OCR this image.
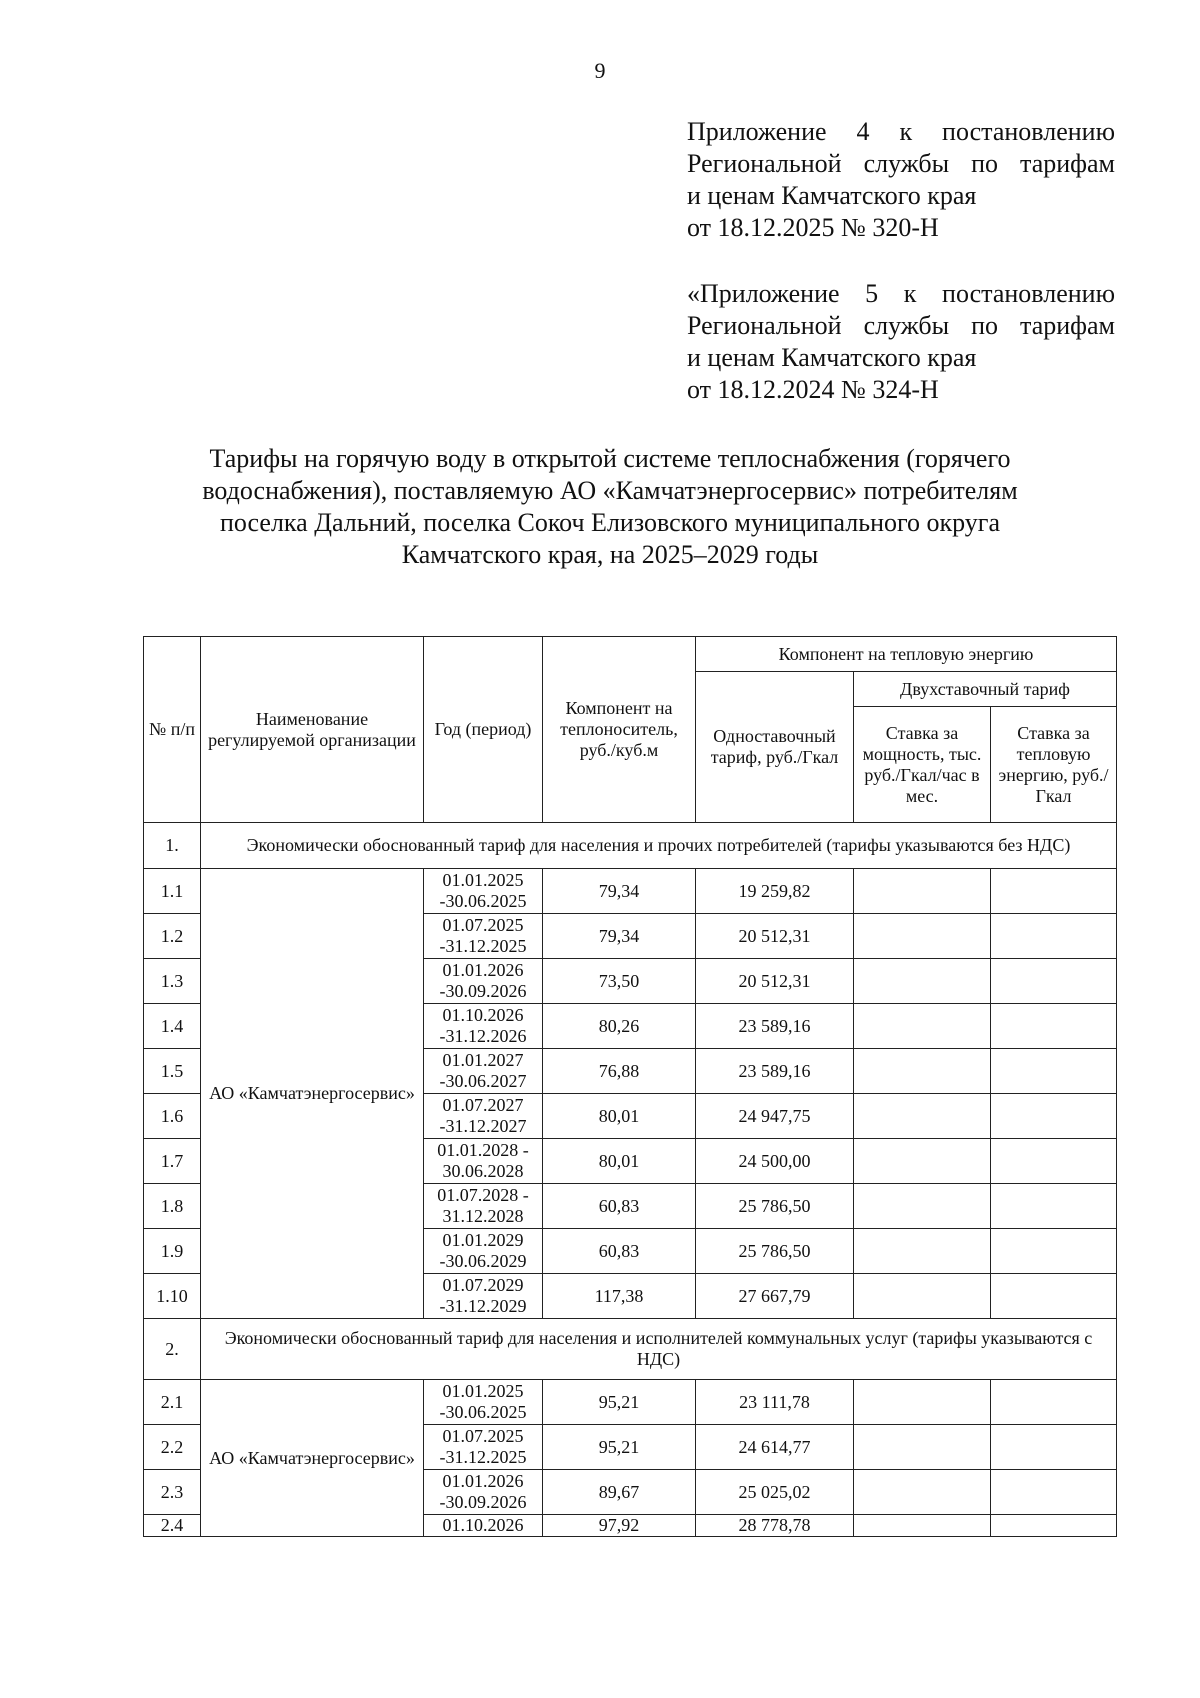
9
Приложение 4 к постановлению
Региональной службы по тарифам
и ценам Камчатского края
от 18.12.2025 № 320-Н
«Приложение 5 к постановлению
Региональной службы по тарифам
и ценам Камчатского края
от 18.12.2024 № 324-Н
Тарифы на горячую воду в открытой системе теплоснабжения (горячего
водоснабжения), поставляемую АО «Камчатэнергосервис» потребителям
поселка Дальний, поселка Сокоч Елизовского муниципального округа
Камчатского края, на 2025–2029 годы
№ п/п	Наименование регулируемой организации	Год (период)	Компонент на теплоноситель, руб./куб.м	Компонент на тепловую энергию		
				Одноставочный тариф, руб./Гкал	Двухставочный тариф	
					Ставка за мощность, тыс. руб./Гкал/час в мес.	Ставка за тепловую энергию, руб./Гкал
1.	Экономически обоснованный тариф для населения и прочих потребителей (тарифы указываются без НДС)					
1.1	АО «Камчатэнергосервис»	01.01.2025
-30.06.2025	79,34	19 259,82		
1.2		01.07.2025
-31.12.2025	79,34	20 512,31		
1.3		01.01.2026
-30.09.2026	73,50	20 512,31		
1.4		01.10.2026
-31.12.2026	80,26	23 589,16		
1.5		01.01.2027
-30.06.2027	76,88	23 589,16		
1.6		01.07.2027
-31.12.2027	80,01	24 947,75		
1.7		01.01.2028 -
30.06.2028	80,01	24 500,00		
1.8		01.07.2028 -
31.12.2028	60,83	25 786,50		
1.9		01.01.2029
-30.06.2029	60,83	25 786,50		
1.10		01.07.2029
-31.12.2029	117,38	27 667,79		
2.	Экономически обоснованный тариф для населения и исполнителей коммунальных услуг (тарифы указываются с НДС)					
2.1	АО «Камчатэнергосервис»	01.01.2025
-30.06.2025	95,21	23 111,78		
2.2		01.07.2025
-31.12.2025	95,21	24 614,77		
2.3		01.01.2026
-30.09.2026	89,67	25 025,02		
2.4		01.10.2026	97,92	28 778,78		
